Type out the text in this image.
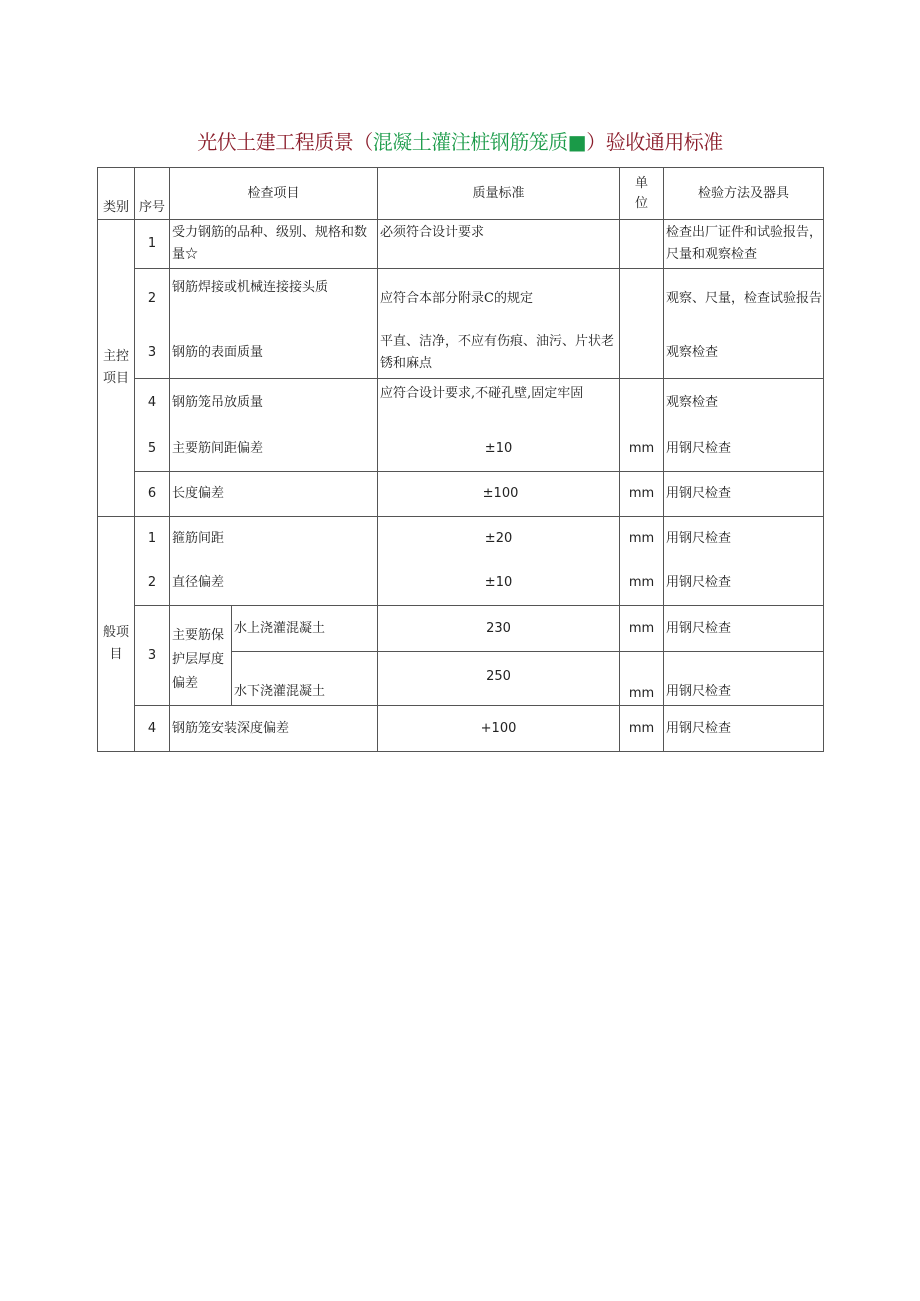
光伏土建工程质景（混凝土灌注桩钢筋笼质■）验收通用标准
类别	序号	检查项目		质量标准	单位	检验方法及器具
主控项目	1	受力钢筋的品种、级别、规格和数量☆		必须符合设计要求		检查出厂证件和试验报告，尺量和观察检查
	2	钢筋焊接或机械连接接头质		应符合本部分附录C的规定		观察、尺量，检查试验报告
	3	钢筋的表面质量		平直、洁净，不应有伤痕、油污、片状老锈和麻点		观察检查
	4	钢筋笼吊放质量		应符合设计要求,不碰孔壁,固定牢固		观察检查
	5	主要筋间距偏差		±10	mm	用钢尺检查
	6	长度偏差		±100	mm	用钢尺检查
般项目	1	箍筋间距		±20	mm	用钢尺检查
	2	直径偏差		±10	mm	用钢尺检查
	3	主要筋保护层厚度偏差	水上浇灌混凝土	230	mm	用钢尺检查
			水下浇灌混凝土	250	mm	用钢尺检查
	4	钢筋笼安装深度偏差		+100	mm	用钢尺检查
